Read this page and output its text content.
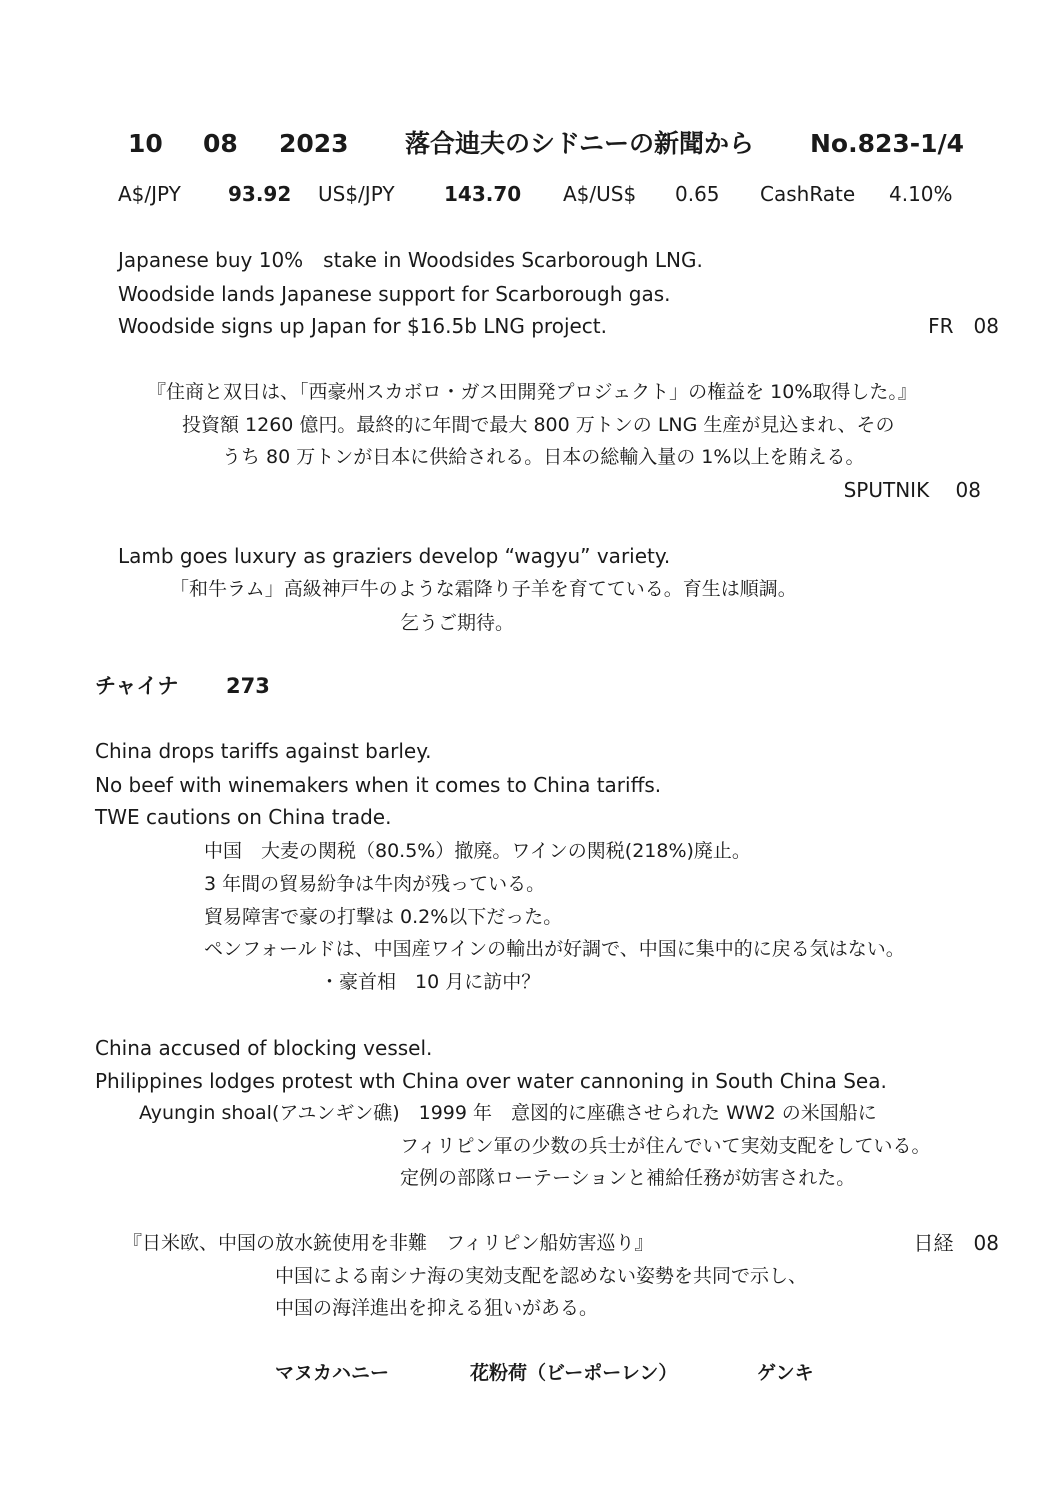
10 08 2023 落合迪夫のシドニーの新聞から No.823-1/4
A$/JPY 93.92 US$/JPY 143.70 A$/US$ 0.65 CashRate 4.10%
Japanese buy 10%　stake in Woodsides Scarborough LNG.
Woodside lands Japanese support for Scarborough gas.
Woodside signs up Japan for $16.5b LNG project.	FR　08
『住商と双日は、「西豪州スカボロ・ガス田開発プロジェクト」の権益を 10%取得した。』
投資額 1260 億円。最終的に年間で最大 800 万トンの LNG 生産が見込まれ、その
うち 80 万トンが日本に供給される。日本の総輸入量の 1%以上を賄える。
SPUTNIK　 08
Lamb goes luxury as graziers develop “wagyu” variety.
「和牛ラム」高級神戸牛のような霜降り子羊を育てている。育生は順調。
乞うご期待。
チャイナ 273
China drops tariffs against barley.
No beef with winemakers when it comes to China tariffs.
TWE cautions on China trade.
中国　大麦の関税（80.5%）撤廃。ワインの関税(218%)廃止。
3 年間の貿易紛争は牛肉が残っている。
貿易障害で豪の打撃は 0.2%以下だった。
ペンフォールドは、中国産ワインの輸出が好調で、中国に集中的に戻る気はない。
・豪首相　10 月に訪中？
China accused of blocking vessel.
Philippines lodges protest wth China over water cannoning in South China Sea.
Ayungin shoal(アユンギン礁)　1999 年　意図的に座礁させられた WW2 の米国船に
フィリピン軍の少数の兵士が住んでいて実効支配をしている。
定例の部隊ローテーションと補給任務が妨害された。
『日米欧、中国の放水銃使用を非難　フィリピン船妨害巡り』	日経　08
中国による南シナ海の実効支配を認めない姿勢を共同で示し、
中国の海洋進出を抑える狙いがある。
マヌカハニー	花粉荷（ビーポーレン）	ゲンキ
